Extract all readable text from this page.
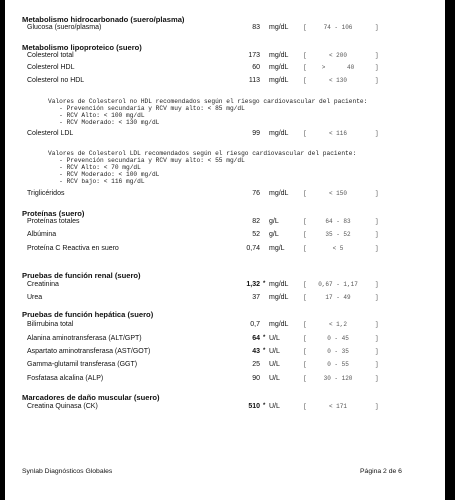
Metabolismo hidrocarbonado (suero/plasma)
Glucosa (suero/plasma)	83 mg/dL [	74 - 106	]
Metabolismo lipoproteico (suero)
Colesterol total	173 mg/dL [	< 200	]
Colesterol HDL	60 mg/dL [	>      40	]
Colesterol no HDL	113 mg/dL [	< 130	]
Valores de Colesterol no HDL recomendados según el riesgo cardiovascular del paciente:
- Prevención secundaria y RCV muy alto: < 85 mg/dL
- RCV Alto: < 100 mg/dL
- RCV Moderado: < 130 mg/dL
Colesterol LDL	99 mg/dL [	< 116	]
Valores de Colesterol LDL recomendados según el riesgo cardiovascular del paciente:
- Prevención secundaria y RCV muy alto: < 55 mg/dL
- RCV Alto: < 70 mg/dL
- RCV Moderado: < 100 mg/dL
- RCV bajo: < 116 mg/dL
Triglicéridos	76 mg/dL [	< 150	]
Proteínas (suero)
Proteínas totales	82 g/L	[	64 - 83	]
Albúmina	52 g/L	[	35 - 52	]
Proteína C Reactiva en suero	0,74 mg/L	[	< 5	]
Pruebas de función renal (suero)
Creatinina	1,32 * mg/dL [	0,67 - 1,17	]
Urea	37 mg/dL [	17 - 49	]
Pruebas de función hepática (suero)
Bilirrubina total	0,7 mg/dL [	< 1,2	]
Alanina aminotransferasa (ALT/GPT)	64 * U/L	[	0 - 45	]
Aspartato aminotransferasa (AST/GOT)	43 * U/L	[	0 - 35	]
Gamma-glutamil transferasa (GGT)	25 U/L	[	0 - 55	]
Fosfatasa alcalina (ALP)	90 U/L	[	30 - 120	]
Marcadores de daño muscular (suero)
Creatina Quinasa (CK)	510 * U/L	[	< 171	]
Synlab Diagnósticos Globales	Página 2 de 6
